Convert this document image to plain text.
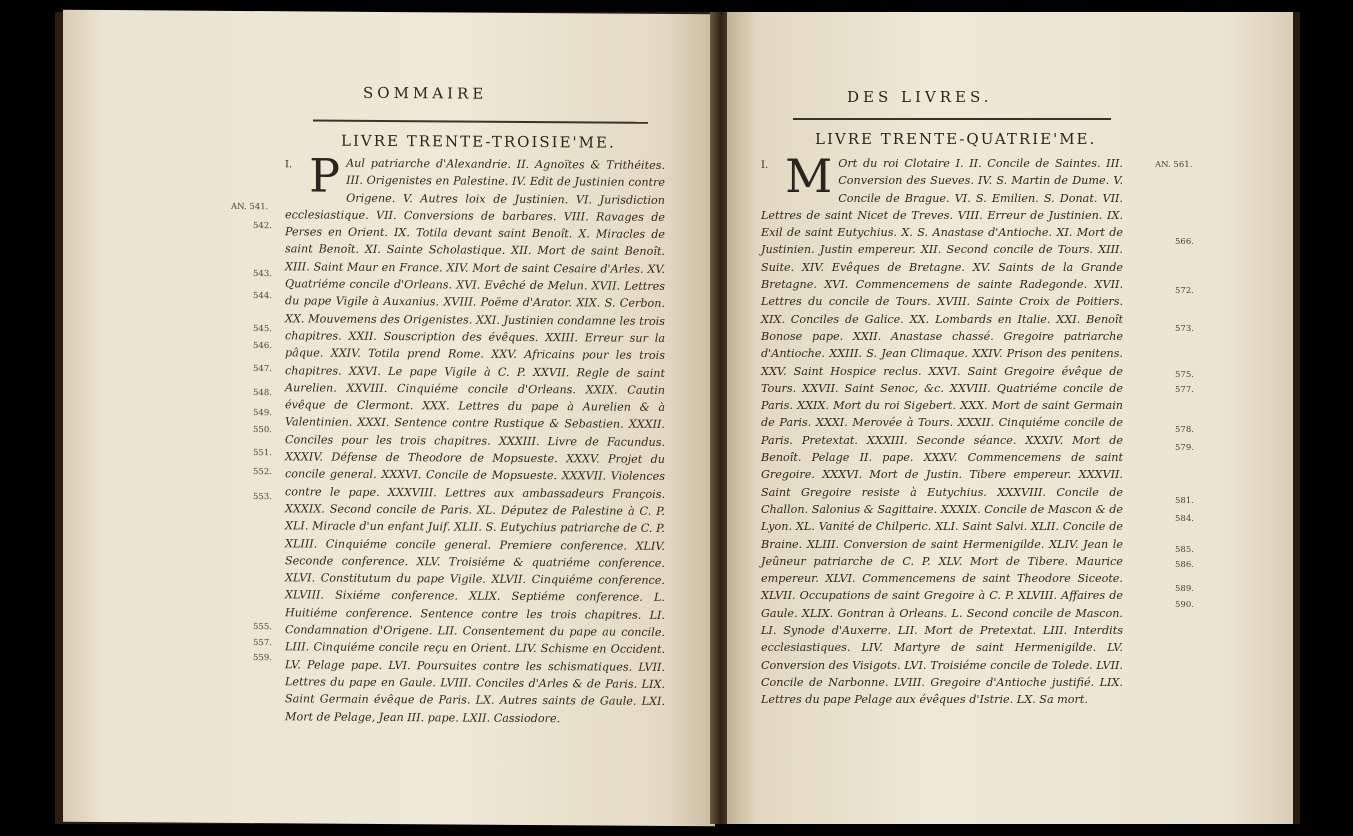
SOMMAIRE
LIVRE TRENTE-TROISIE'ME.
AN. 541.
542.
543.
544.
545.
546.
547.
548.
549.
550.
551.
552.
553.
555.
557.
559.
I. P Aul patriarche d'Alexandrie. II. Agnoïtes & Trithéites. III. Origenistes en Palestine. IV. Edit de Justinien contre Origene. V. Autres loix de Justinien. VI. Jurisdiction ecclesiastique. VII. Conversions de barbares. VIII. Ravages de Perses en Orient. IX. Totila devant saint Benoît. X. Miracles de saint Benoît. XI. Sainte Scholastique. XII. Mort de saint Benoît. XIII. Saint Maur en France. XIV. Mort de saint Cesaire d'Arles. XV. Quatriéme concile d'Orleans. XVI. Evêché de Melun. XVII. Lettres du pape Vigile à Auxanius. XVIII. Poëme d'Arator. XIX. S. Cerbon. XX. Mouvemens des Origenistes. XXI. Justinien condamne les trois chapitres. XXII. Souscription des évêques. XXIII. Erreur sur la pâque. XXIV. Totila prend Rome. XXV. Africains pour les trois chapitres. XXVI. Le pape Vigile à C. P. XXVII. Regle de saint Aurelien. XXVIII. Cinquiéme concile d'Orleans. XXIX. Cautin évêque de Clermont. XXX. Lettres du pape à Aurelien & à Valentinien. XXXI. Sentence contre Rustique & Sebastien. XXXII. Conciles pour les trois chapitres. XXXIII. Livre de Facundus. XXXIV. Défense de Theodore de Mopsueste. XXXV. Projet du concile general. XXXVI. Concile de Mopsueste. XXXVII. Violences contre le pape. XXXVIII. Lettres aux ambassadeurs François. XXXIX. Second concile de Paris. XL. Députez de Palestine à C. P. XLI. Miracle d'un enfant Juif. XLII. S. Eutychius patriarche de C. P. XLIII. Cinquiéme concile general. Premiere conference. XLIV. Seconde conference. XLV. Troisiéme & quatriéme conference. XLVI. Constitutum du pape Vigile. XLVII. Cinquiéme conference. XLVIII. Sixiéme conference. XLIX. Septiéme conference. L. Huitiéme conference. Sentence contre les trois chapitres. LI. Condamnation d'Origene. LII. Consentement du pape au concile. LIII. Cinquiéme concile reçu en Orient. LIV. Schisme en Occident. LV. Pelage pape. LVI. Poursuites contre les schismatiques. LVII. Lettres du pape en Gaule. LVIII. Conciles d'Arles & de Paris. LIX. Saint Germain évêque de Paris. LX. Autres saints de Gaule. LXI. Mort de Pelage, Jean III. pape. LXII. Cassiodore.
DES LIVRES.
LIVRE TRENTE-QUATRIE'ME.
AN. 561.
566.
572.
573.
575.
577.
578.
579.
581.
584.
585.
586.
589.
590.
I. M Ort du roi Clotaire I. II. Concile de Saintes. III. Conversion des Sueves. IV. S. Martin de Dume. V. Concile de Brague. VI. S. Emilien. S. Donat. VII. Lettres de saint Nicet de Treves. VIII. Erreur de Justinien. IX. Exil de saint Eutychius. X. S. Anastase d'Antioche. XI. Mort de Justinien. Justin empereur. XII. Second concile de Tours. XIII. Suite. XIV. Evêques de Bretagne. XV. Saints de la Grande Bretagne. XVI. Commencemens de sainte Radegonde. XVII. Lettres du concile de Tours. XVIII. Sainte Croix de Poitiers. XIX. Conciles de Galice. XX. Lombards en Italie. XXI. Benoît Bonose pape. XXII. Anastase chassé. Gregoire patriarche d'Antioche. XXIII. S. Jean Climaque. XXIV. Prison des penitens. XXV. Saint Hospice reclus. XXVI. Saint Gregoire évêque de Tours. XXVII. Saint Senoc, &c. XXVIII. Quatriéme concile de Paris. XXIX. Mort du roi Sigebert. XXX. Mort de saint Germain de Paris. XXXI. Merovée à Tours. XXXII. Cinquiéme concile de Paris. Pretextat. XXXIII. Seconde séance. XXXIV. Mort de Benoît. Pelage II. pape. XXXV. Commencemens de saint Gregoire. XXXVI. Mort de Justin. Tibere empereur. XXXVII. Saint Gregoire resiste à Eutychius. XXXVIII. Concile de Challon. Salonius & Sagittaire. XXXIX. Concile de Mascon & de Lyon. XL. Vanité de Chilperic. XLI. Saint Salvi. XLII. Concile de Braine. XLIII. Conversion de saint Hermenigilde. XLIV. Jean le Jeûneur patriarche de C. P. XLV. Mort de Tibere. Maurice empereur. XLVI. Commencemens de saint Theodore Siceote. XLVII. Occupations de saint Gregoire à C. P. XLVIII. Affaires de Gaule. XLIX. Gontran à Orleans. L. Second concile de Mascon. LI. Synode d'Auxerre. LII. Mort de Pretextat. LIII. Interdits ecclesiastiques. LIV. Martyre de saint Hermenigilde. LV. Conversion des Visigots. LVI. Troisiéme concile de Tolede. LVII. Concile de Narbonne. LVIII. Gregoire d'Antioche justifié. LIX. Lettres du pape Pelage aux évêques d'Istrie. LX. Sa mort.
